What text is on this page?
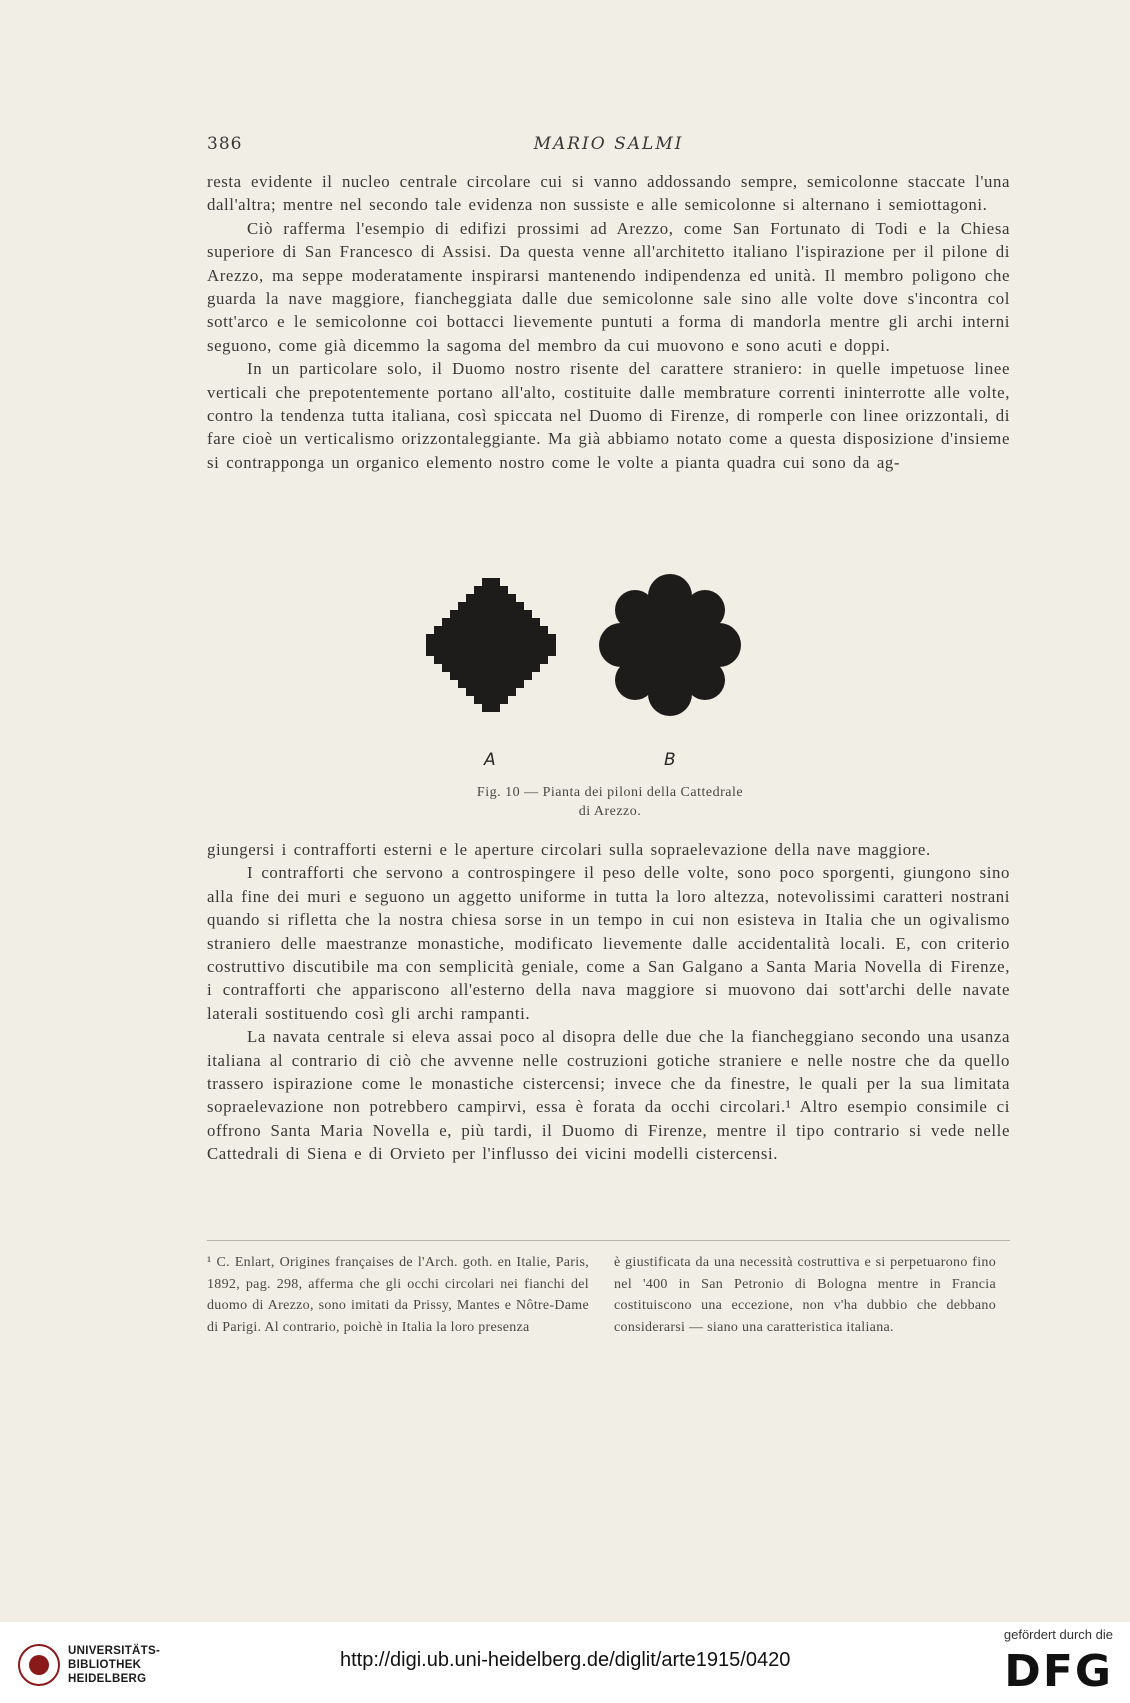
386	MARIO SALMI

resta evidente il nucleo centrale circolare cui si vanno addossando sempre, semicolonne staccate l'una dall'altra; mentre nel secondo tale evidenza non sussiste e alle semicolonne si alternano i semiottagoni.

Ciò rafferma l'esempio di edifizi prossimi ad Arezzo, come San Fortunato di Todi e la Chiesa superiore di San Francesco di Assisi. Da questa venne all'architetto italiano l'ispirazione per il pilone di Arezzo, ma seppe moderatamente inspirarsi mantenendo indipendenza ed unità. Il membro poligono che guarda la nave maggiore, fiancheggiata dalle due semicolonne sale sino alle volte dove s'incontra col sott'arco e le semicolonne coi bottacci lievemente puntuti a forma di mandorla mentre gli archi interni seguono, come già dicemmo la sagoma del membro da cui muovono e sono acuti e doppi.

In un particolare solo, il Duomo nostro risente del carattere straniero: in quelle impetuose linee verticali che prepotentemente portano all'alto, costituite dalle membrature correnti ininterrotte alle volte, contro la tendenza tutta italiana, così spiccata nel Duomo di Firenze, di romperle con linee orizzontali, di fare cioè un verticalismo orizzontaleggiante. Ma già abbiamo notato come a questa disposizione d'insieme si contrapponga un organico elemento nostro come le volte a pianta quadra cui sono da ag-

A	B
Fig. 10 — Pianta dei piloni della Cattedrale
di Arezzo.

giungersi i contrafforti esterni e le aperture circolari sulla sopraelevazione della nave maggiore.

I contrafforti che servono a controspingere il peso delle volte, sono poco sporgenti, giungono sino alla fine dei muri e seguono un aggetto uniforme in tutta la loro altezza, notevolissimi caratteri nostrani quando si rifletta che la nostra chiesa sorse in un tempo in cui non esisteva in Italia che un ogivalismo straniero delle maestranze monastiche, modificato lievemente dalle accidentalità locali. E, con criterio costruttivo discutibile ma con semplicità geniale, come a San Galgano a Santa Maria Novella di Firenze, i contrafforti che appariscono all'esterno della nava maggiore si muovono dai sott'archi delle navate laterali sostituendo così gli archi rampanti.

La navata centrale si eleva assai poco al disopra delle due che la fiancheggiano secondo una usanza italiana al contrario di ciò che avvenne nelle costruzioni gotiche straniere e nelle nostre che da quello trassero ispirazione come le monastiche cistercensi; invece che da finestre, le quali per la sua limitata sopraelevazione non potrebbero campirvi, essa è forata da occhi circolari.¹ Altro esempio consimile ci offrono Santa Maria Novella e, più tardi, il Duomo di Firenze, mentre il tipo contrario si vede nelle Cattedrali di Siena e di Orvieto per l'influsso dei vicini modelli cistercensi.

¹ C. Enlart, Origines françaises de l'Arch. goth. en Italie, Paris, 1892, pag. 298, afferma che gli occhi circolari nei fianchi del duomo di Arezzo, sono imitati da Prissy, Mantes e Nôtre-Dame di Parigi. Al contrario, poichè in Italia la loro presenza

è giustificata da una necessità costruttiva e si perpetuarono fino nel '400 in San Petronio di Bologna mentre in Francia costituiscono una eccezione, non v'ha dubbio che debbano considerarsi — siano una caratteristica italiana.

UNIVERSITÄTS-
BIBLIOTHEK
HEIDELBERG
http://digi.ub.uni-heidelberg.de/diglit/arte1915/0420
gefördert durch die
DFG
